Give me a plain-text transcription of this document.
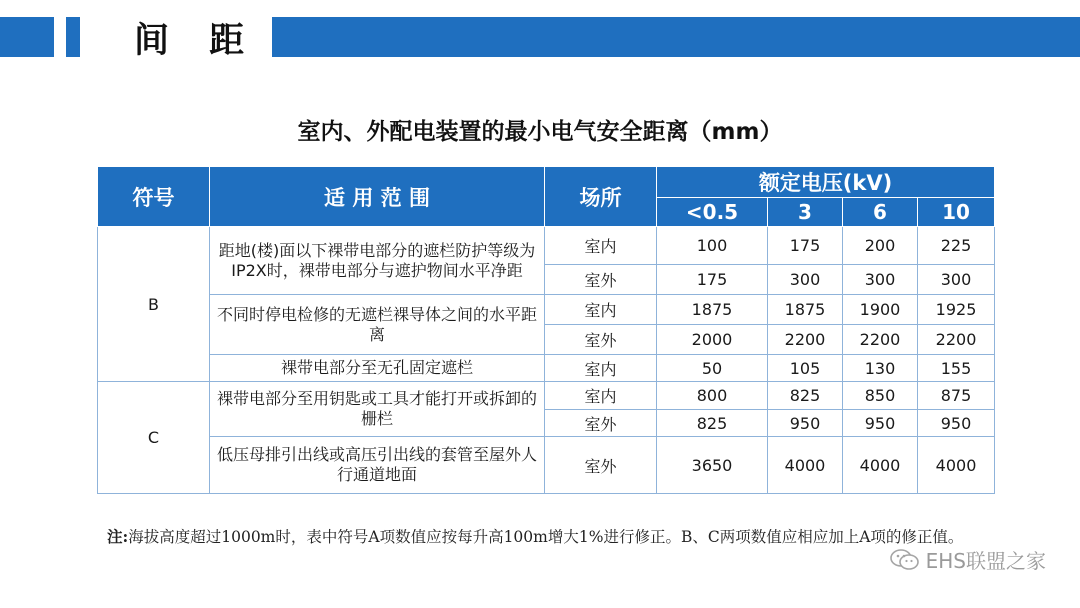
间 距
室内、外配电装置的最小电气安全距离（mm）
符号	适 用 范 围	场所	额定电压(kV)			
			<0.5	3	6	10
B	距地(楼)面以下裸带电部分的遮栏防护等级为IP2X时，裸带电部分与遮护物间水平净距	室内	100	175	200	225
		室外	175	300	300	300
	不同时停电检修的无遮栏裸导体之间的水平距离	室内	1875	1875	1900	1925
		室外	2000	2200	2200	2200
	裸带电部分至无孔固定遮栏	室内	50	105	130	155
C	裸带电部分至用钥匙或工具才能打开或拆卸的栅栏	室内	800	825	850	875
		室外	825	950	950	950
	低压母排引出线或高压引出线的套管至屋外人行通道地面	室外	3650	4000	4000	4000
注:海拔高度超过1000m时，表中符号A项数值应按每升高100m增大1%进行修正。B、C两项数值应相应加上A项的修正值。
EHS联盟之家
